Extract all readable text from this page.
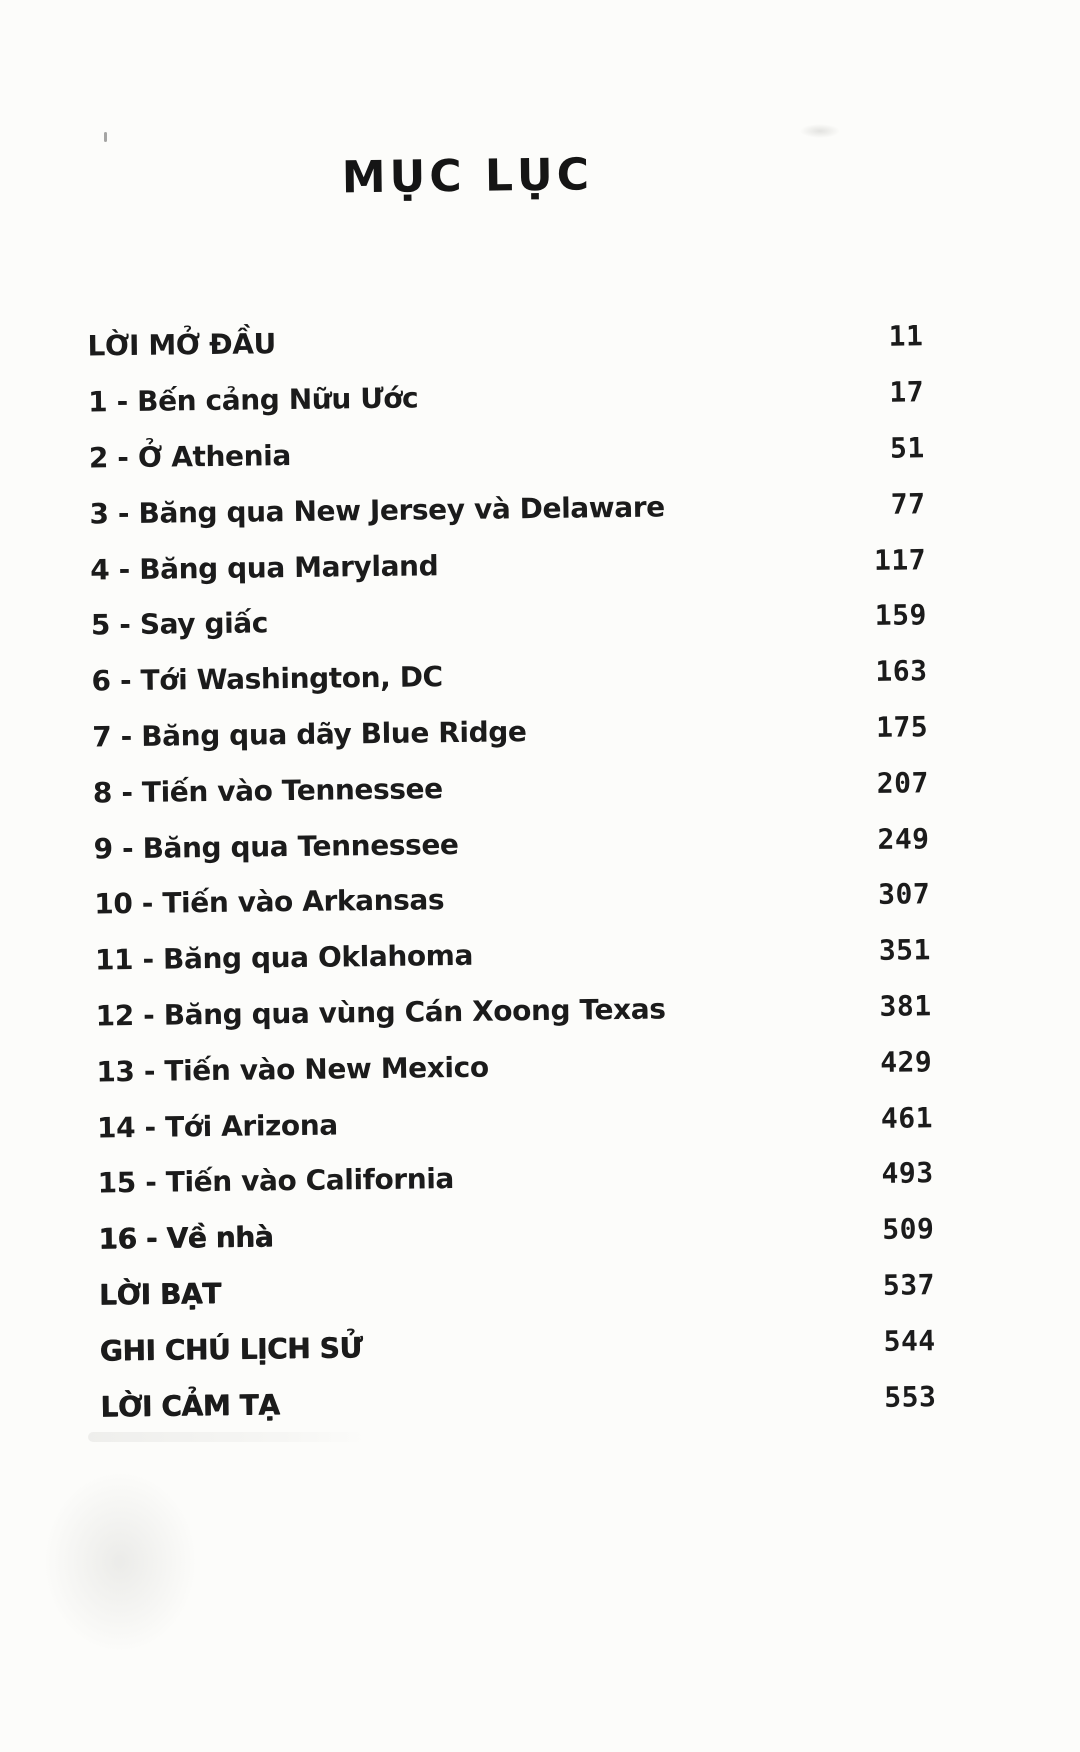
MỤC LỤC
LỜI MỞ ĐẦU	11
1 - Bến cảng Nữu Ước	17
2 - Ở Athenia	51
3 - Băng qua New Jersey và Delaware	77
4 - Băng qua Maryland	117
5 - Say giấc	159
6 - Tới Washington, DC	163
7 - Băng qua dãy Blue Ridge	175
8 - Tiến vào Tennessee	207
9 - Băng qua Tennessee	249
10 - Tiến vào Arkansas	307
11 - Băng qua Oklahoma	351
12 - Băng qua vùng Cán Xoong Texas	381
13 - Tiến vào New Mexico	429
14 - Tới Arizona	461
15 - Tiến vào California	493
16 - Về nhà	509
LỜI BẠT	537
GHI CHÚ LỊCH SỬ	544
LỜI CẢM TẠ	553
